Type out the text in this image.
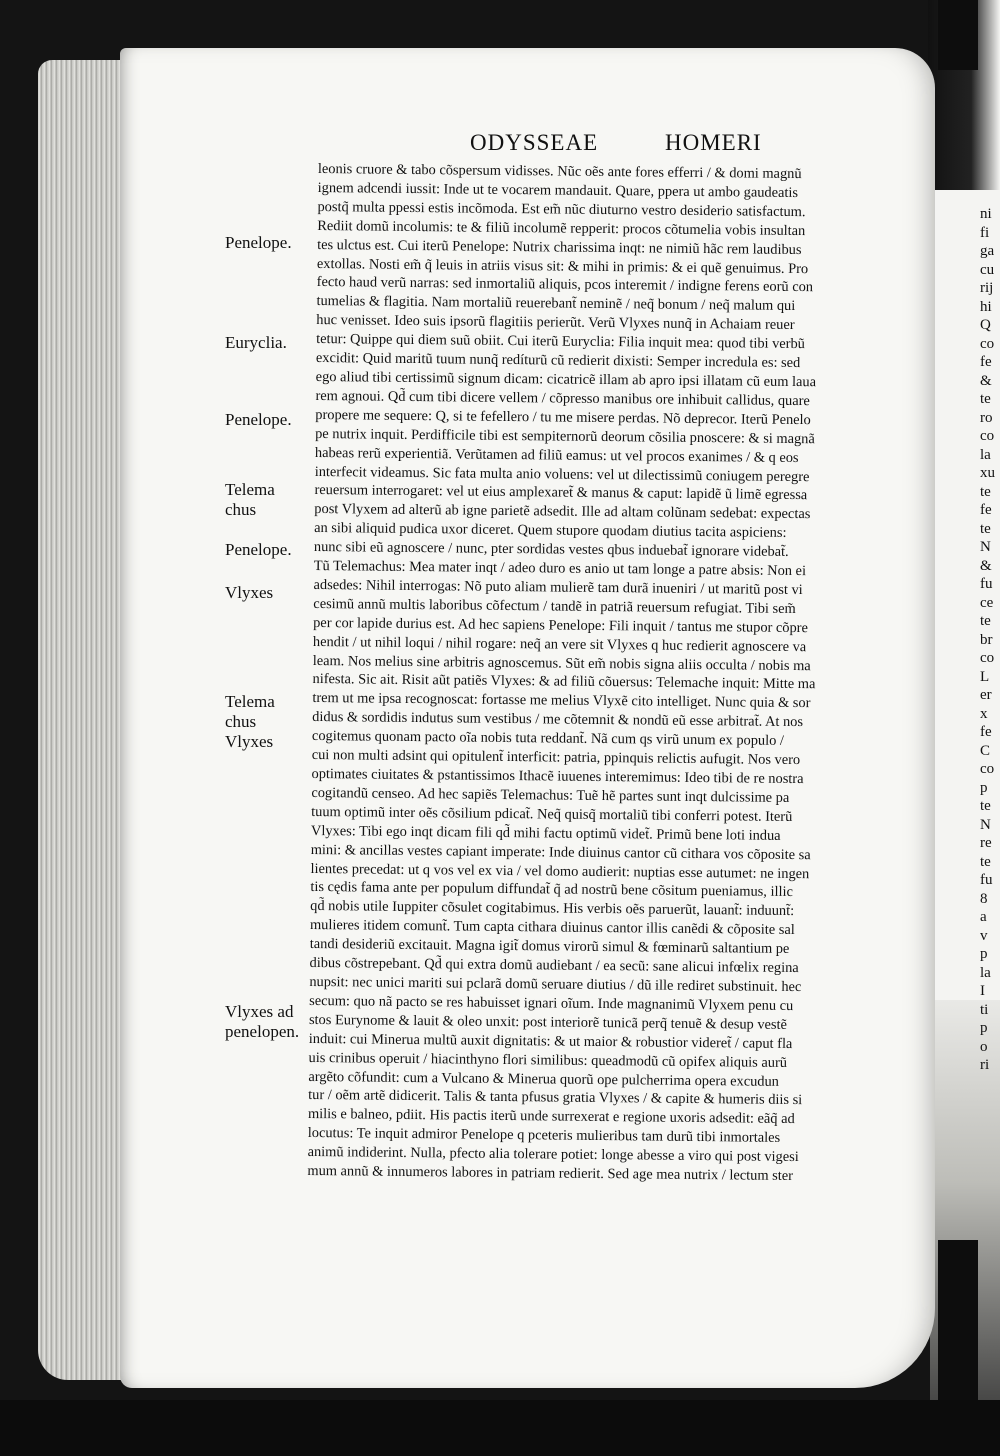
ODYSSEAE	HOMERI
Penelope.
Euryclia.
Penelope.
Telema
chus
Penelope.
Vlyxes
Telema
chus
Vlyxes
Vlyxes ad
penelopen.
leonis cruore & tabo cõspersum vidisses. Nũc oẽs ante fores efferri / & domi magnũ
ignem adcendi iussit: Inde ut te vocarem mandauit. Quare, ppera ut ambo gaudeatis
postq̃ multa ppessi estis incõmoda. Est em̃ nũc diuturno vestro desiderio satisfactum.
Rediit domũ incolumis: te & filiũ incolumẽ repperit: procos cõtumelia vobis insultan
tes ulctus est. Cui iterũ Penelope: Nutrix charissima inqt: ne nimiũ hãc rem laudibus
extollas. Nosti em̃ q̃ leuis in atriis visus sit: & mihi in primis: & ei quẽ genuimus. Pro
fecto haud verũ narras: sed inmortaliũ aliquis, pcos interemit / indigne ferens eorũ con
tumelias & flagitia. Nam mortaliũ reuerebant̃ neminẽ / neq̃ bonum / neq̃ malum qui
huc venisset. Ideo suis ipsorũ flagitiis perierũt. Verũ Vlyxes nunq̃ in Achaiam reuer
tetur: Quippe qui diem suũ obiit. Cui iterũ Euryclia: Filia inquit mea: quod tibi verbũ
excidit: Quid maritũ tuum nunq̃ redíturũ cũ redierit dixisti: Semper incredula es: sed
ego aliud tibi certissimũ signum dicam: cicatricẽ illam ab apro ipsi illatam cũ eum laua
rem agnoui. Qd̃ cum tibi dicere vellem / cõpresso manibus ore inhibuit callidus, quare
propere me sequere: Q, si te fefellero / tu me misere perdas. Nõ deprecor. Iterũ Penelo
pe nutrix inquit. Perdifficile tibi est sempiternorũ deorum cõsilia pnoscere: & si magnã
habeas rerũ experientiã. Verũtamen ad filiũ eamus: ut vel procos exanimes / & q eos
interfecit videamus. Sic fata multa anio voluens: vel ut dilectissimũ coniugem peregre
reuersum interrogaret: vel ut eius amplexaret̃ & manus & caput: lapidẽ ũ limẽ egressa
post Vlyxem ad alterũ ab igne parietẽ adsedit. Ille ad altam colũnam sedebat: expectas
an sibi aliquid pudica uxor diceret. Quem stupore quodam diutius tacita aspiciens:
nunc sibi eũ agnoscere / nunc, pter sordidas vestes qbus induebat̃ ignorare videbat̃.
Tũ Telemachus: Mea mater inqt / adeo duro es anio ut tam longe a patre absis: Non ei
adsedes: Nihil interrogas: Nõ puto aliam mulierẽ tam durã inueniri / ut maritũ post vi
cesimũ annũ multis laboribus cõfectum / tandẽ in patriã reuersum refugiat. Tibi sem̃
per cor lapide durius est. Ad hec sapiens Penelope: Fili inquit / tantus me stupor cõpre
hendit / ut nihil loqui / nihil rogare: neq̃ an vere sit Vlyxes q huc redierit agnoscere va
leam. Nos melius sine arbitris agnoscemus. Sũt em̃ nobis signa aliis occulta / nobis ma
nifesta. Sic ait. Risit aũt patiẽs Vlyxes: & ad filiũ cõuersus: Telemache inquit: Mitte ma
trem ut me ipsa recognoscat: fortasse me melius Vlyxẽ cito intelliget. Nunc quia & sor
didus & sordidis indutus sum vestibus / me cõtemnit & nondũ eũ esse arbitrat̃. At nos
cogitemus quonam pacto oĩa nobis tuta reddant̃. Nã cum qs virũ unum ex populo /
cui non multi adsint qui opitulent̃ interficit: patria, ppinquis relictis aufugit. Nos vero
optimates ciuitates & pstantissimos Ithacẽ iuuenes interemimus: Ideo tibi de re nostra
cogitandũ censeo. Ad hec sapiẽs Telemachus: Tuẽ hẽ partes sunt inqt dulcissime pa
tuum optimũ inter oẽs cõsilium pdicat̃. Neq̃ quisq̃ mortaliũ tibi conferri potest. Iterũ
Vlyxes: Tibi ego inqt dicam fili qd̃ mihi factu optimũ videt̃. Primũ bene loti indua
mini: & ancillas vestes capiant imperate: Inde diuinus cantor cũ cithara vos cõposite sa
lientes precedat: ut q vos vel ex via / vel domo audierit: nuptias esse autumet: ne ingen
tis cędis fama ante per populum diffundat̃ q̃ ad nostrũ bene cõsitum pueniamus, illic
qd̃ nobis utile Iuppiter cõsulet cogitabimus. His verbis oẽs paruerũt, lauant̃: induunt̃:
mulieres itidem comunt̃. Tum capta cithara diuinus cantor illis canẽdi & cõposite sal
tandi desideriũ excitauit. Magna igit̃ domus virorũ simul & fœminarũ saltantium pe
dibus cõstrepebant. Qd̃ qui extra domũ audiebant / ea secũ: sane alicui infœlix regina
nupsit: nec unici mariti sui pclarã domũ seruare diutius / dũ ille rediret substinuit. hec
secum: quo nã pacto se res habuisset ignari oĩum. Inde magnanimũ Vlyxem penu cu
stos Eurynome & lauit & oleo unxit: post interiorẽ tunicã perq̃ tenuẽ & desup vestẽ
induit: cui Minerua multũ auxit dignitatis: & ut maior & robustior videret̃ / caput fla
uis crinibus operuit / hiacinthyno flori similibus: queadmodũ cũ opifex aliquis aurũ
argẽto cõfundit: cum a Vulcano & Minerua quorũ ope pulcherrima opera excudun
tur / oẽm artẽ didicerit. Talis & tanta pfusus gratia Vlyxes / & capite & humeris diis si
milis e balneo, pdiit. His pactis iterũ unde surrexerat e regione uxoris adsedit: eãq̃ ad
locutus: Te inquit admiror Penelope q pceteris mulieribus tam durũ tibi inmortales
animũ indiderint. Nulla, pfecto alia tolerare potiet: longe abesse a viro qui post vigesi
mum annũ & innumeros labores in patriam redierit. Sed age mea nutrix / lectum ster
ni
fi
ga
cu
rij
hi
Q
co
fe
&
te
ro
co
la
xu
te
fe
te
N
&
fu
ce
te
br
co
L
er
x
fe
C
co
p
te
N
re
te
fu
8
a
v
p
la
I
ti
p
o
ri
